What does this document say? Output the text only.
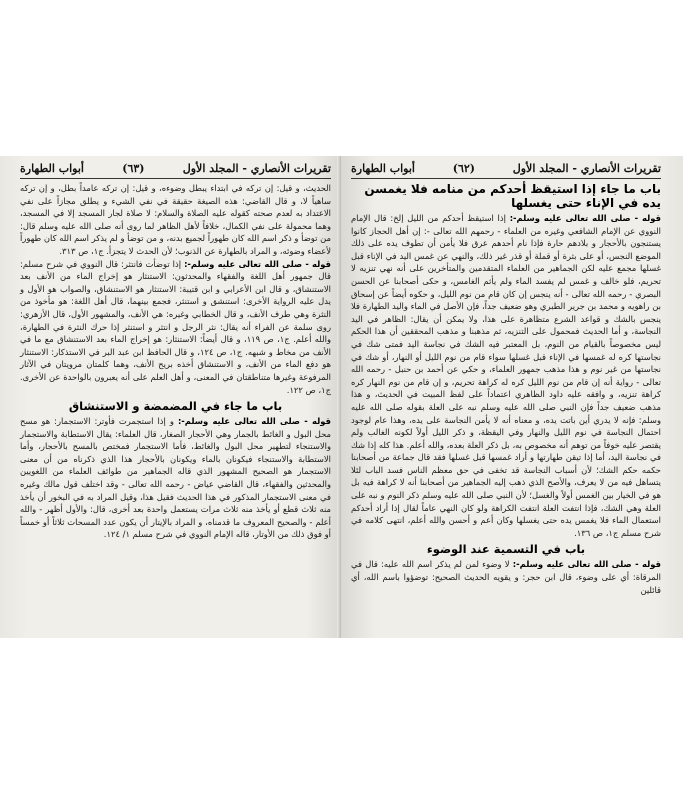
تقريرات الأنصاري - المجلد الأول
(٦٣)
أبواب الطهارة

الحديث، و قيل: إن تركه في ابتداء يبطل وضوءه، و قيل: إن تركه عامداً بطل، و إن تركه ساهياً لا، و قال القاضي: هذه الصيغة حقيقة في نفي الشيء و يطلق مجازاً على نفي الاعتداد به لعدم صحته كقوله عليه الصلاة والسلام: لا صلاة لجار المسجد إلا في المسجد، وهما محمولة على نفي الكمال، خلافاً لأهل الظاهر لما روى أنه صلى الله عليه وسلم قال: من توضأ و ذكر اسم الله كان طهوراً لجميع بدنه، و من توضأ و لم يذكر اسم الله كان طهوراً لأعضاء وضوئه، و المراد بالطهارة عن الذنوب؛ لأن الحدث لا يتجزأ. ج١، ص ٣١٣.

قوله - صلى الله تعالى عليه وسلم-: إذا توضأت فانتثر: قال النووي في شرح مسلم: قال جمهور أهل اللغة والفقهاء والمحدثون: الاستنثار هو إخراج الماء من الأنف بعد الاستنشاق، و قال ابن الأعرابي و ابن قتيبة: الاستنثار هو الاستنشاق، والصواب هو الأول و يدل عليه الرواية الأخرى: استنشق و استنثر، فجمع بينهما، قال أهل اللغة: هو مأخوذ من النثرة وهي طرف الأنف، و قال الخطابي وغيره: هي الأنف، والمشهور الأول، قال الأزهري: روى سلمة عن الفراء أنه يقال: نثر الرجل و انتثر و استنثر إذا حرك النثرة في الطهارة، والله أعلم. ج١، ص ١١٩، و قال أيضاً: الاستنثار: هو إخراج الماء بعد الاستنشاق مع ما في الأنف من مخاط و شبهه. ج١، ص ١٢٤، و قال الحافظ ابن عبد البر في الاستذكار: الاستنثار هو دفع الماء من الأنف، و الاستنشاق أخذه بريح الأنف، وهما كلمتان مرويتان في الآثار المرفوعة وغيرها متناطقتان في المعنى، و أهل العلم على أنه يعبرون بالواحدة عن الأخرى. ج١، ص ١٢٢.

باب ما جاء في المضمضة و الاستنشاق

قوله - صلى الله تعالى عليه وسلم-: و إذا استجمرت فأوتر: الاستجمار: هو مسح محل البول و الغائط بالجمار وهي الأحجار الصغار، قال العلماء: يقال الاستطابة والاستجمار والاستنجاء لتطهير محل البول والغائط، فأما الاستجمار فمختص بالمسح بالأحجار، وأما الاستطابة والاستنجاء فيكونان بالماء ويكونان بالأحجار هذا الذي ذكرناه من أن معنى الاستجمار هو الصحيح المشهور الذي قاله الجماهير من طوائف العلماء من اللغويين والمحدثين والفقهاء، قال القاضي عياض - رحمه الله تعالى - وقد اختلف قول مالك وغيره في معنى الاستجمار المذكور في هذا الحديث فقيل هذا، وقيل المراد به في البخور أن يأخذ منه ثلاث قطع أو يأخذ منه ثلاث مرات يستعمل واحدة بعد أخرى، قال: والأول أظهر - والله أعلم - والصحيح المعروف ما قدمناه، و المراد بالإيتار أن يكون عدد المسحات ثلاثاً أو خمساً أو فوق ذلك من الأوتار، قاله الإمام النووي في شرح مسلم ١/ ١٢٤.

تقريرات الأنصاري - المجلد الأول
(٦٢)
أبواب الطهارة
باب ما جاء إذا استيقظ أحدكم من منامه فلا يغمسن يده في الإناء حتى يغسلها

قوله - صلى الله تعالى عليه وسلم-: إذا استيقظ أحدكم من الليل إلخ: قال الإمام النووي عن الإمام الشافعي وغيره من العلماء - رحمهم الله تعالى -: إن أهل الحجاز كانوا يستنجون بالأحجار و بلادهم حارة فإذا نام أحدهم عرق فلا يأمن أن تطوف يده على ذلك الموضع النجس، أو على بثرة أو قملة أو قذر غير ذلك، والنهي عن غمس اليد في الإناء قبل غسلها مجمع عليه لكن الجماهير من العلماء المتقدمين والمتأخرين على أنه نهي تنزيه لا تحريم، فلو خالف و غمس لم يفسد الماء ولم يأثم الغامس، و حكى أصحابنا عن الحسن البصري - رحمه الله تعالى - أنه ينجس إن كان قام من نوم الليل، و حكوه أيضاً عن إسحاق بن راهويه و محمد بن جرير الطبري وهو ضعيف جداً، فإن الأصل في الماء واليد الطهارة فلا ينجس بالشك و قواعد الشرع متظاهرة على هذا، ولا يمكن أن يقال: الظاهر في اليد النجاسة، و أما الحديث فمحمول على التنزيه، ثم مذهبنا و مذهب المحققين أن هذا الحكم ليس مخصوصاً بالقيام من النوم، بل المعتبر فيه الشك في نجاسة اليد فمتى شك في نجاستها كره له غمسها في الإناء قبل غسلها سواء قام من نوم الليل أو النهار، أو شك في نجاستها من غير نوم و هذا مذهب جمهور العلماء، و حكي عن أحمد بن حنبل - رحمه الله تعالى - رواية أنه إن قام من نوم الليل كره له كراهة تحريم، و إن قام من نوم النهار كره كراهة تنزيه، و وافقه عليه داود الظاهري اعتماداً على لفظ المبيت في الحديث، و هذا مذهب ضعيف جداً فإن النبي صلى الله عليه وسلم نبه على العلة بقوله صلى الله عليه وسلم: فإنه لا يدري أين باتت يده، و معناه أنه لا يأمن النجاسة على يده، وهذا عام لوجود احتمال النجاسة في نوم الليل والنهار وفي اليقظة، و ذكر الليل أولاً لكونه الغالب ولم يقتصر عليه خوفاً من توهم أنه مخصوص به، بل ذكر العلة بعده، والله أعلم. هذا كله إذا شك في نجاسة اليد، أما إذا تيقن طهارتها و أراد غمسها قبل غسلها فقد قال جماعة من أصحابنا حكمه حكم الشك؛ لأن أسباب النجاسة قد تخفى في حق معظم الناس فسد الباب لئلا يتساهل فيه من لا يعرف، والأصح الذي ذهب إليه الجماهير من أصحابنا أنه لا كراهة فيه بل هو في الخيار بين الغمس أولاً والغسل؛ لأن النبي صلى الله عليه وسلم ذكر النوم و نبه على العلة وهي الشك، فإذا انتفت العلة انتفت الكراهة ولو كان النهي عاماً لقال إذا أراد أحدكم استعمال الماء فلا يغمس يده حتى يغسلها وكان أعم و أحسن والله أعلم، انتهى كلامه في شرح مسلم ج١، ص ١٣٦.

باب في التسمية عند الوضوء

قوله - صلى الله تعالى عليه وسلم-: لا وضوء لمن لم يذكر اسم الله عليه: قال في المرقاة: أي على وضوء، قال ابن حجر: و يقويه الحديث الصحيح: توضؤوا باسم الله، أي قائلين
